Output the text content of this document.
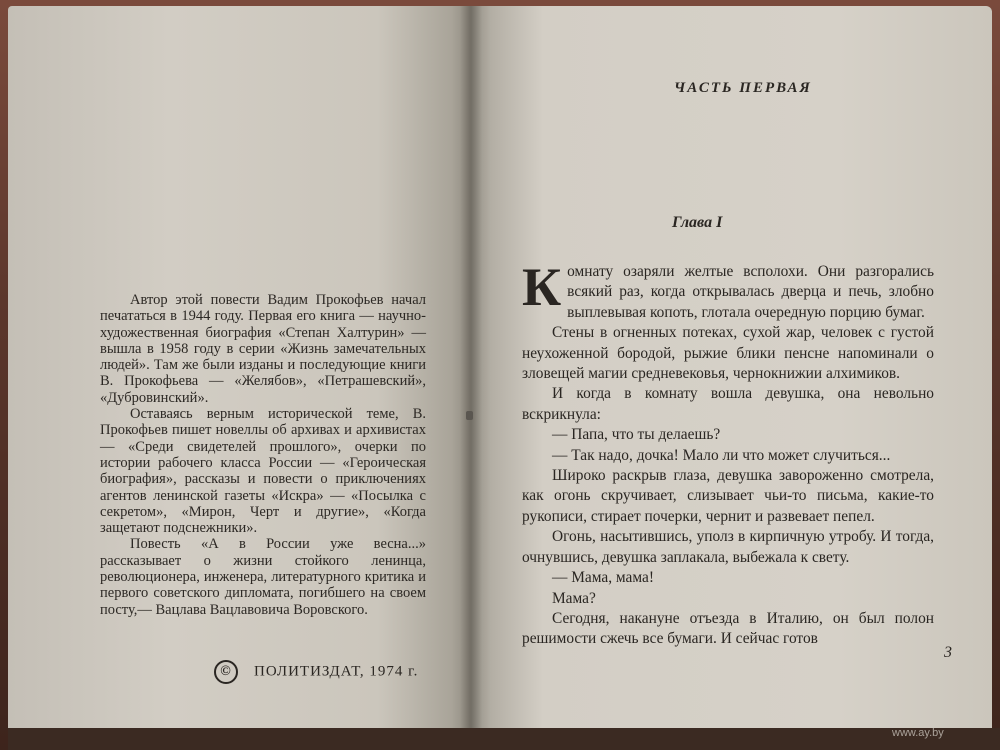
Автор этой повести Вадим Прокофьев начал печататься в 1944 году. Первая его книга — научно-художественная биография «Степан Халтурин» — вышла в 1958 году в серии «Жизнь замечательных людей». Там же были изданы и последующие книги В. Прокофьева — «Желябов», «Петрашевский», «Дубровинский».

Оставаясь верным исторической теме, В. Прокофьев пишет новеллы об архивах и архивистах — «Среди свидетелей прошлого», очерки по истории рабочего класса России — «Героическая биография», рассказы и повести о приключениях агентов ленинской газеты «Искра» — «Посылка с секретом», «Мирон, Черт и другие», «Когда защетают подснежники».

Повесть «А в России уже весна...» рассказывает о жизни стойкого ленинца, революционера, инженера, литературного критика и первого советского дипломата, погибшего на своем посту,— Вацлава Вацлавовича Воровского.

© ПОЛИТИЗДАТ, 1974 г.
ЧАСТЬ ПЕРВАЯ
Глава I

Комнату озаряли желтые всполохи. Они разгорались всякий раз, когда открывалась дверца и печь, злобно выплевывая копоть, глотала очередную порцию бумаг.

Стены в огненных потеках, сухой жар, человек с густой неухоженной бородой, рыжие блики пенсне напоминали о зловещей магии средневековья, чернокнижии алхимиков.

И когда в комнату вошла девушка, она невольно вскрикнула:

— Папа, что ты делаешь?

— Так надо, дочка! Мало ли что может случиться...

Широко раскрыв глаза, девушка завороженно смотрела, как огонь скручивает, слизывает чьи-то письма, какие-то рукописи, стирает почерки, чернит и развевает пепел.

Огонь, насытившись, уполз в кирпичную утробу. И тогда, очнувшись, девушка заплакала, выбежала к свету.

— Мама, мама!

Мама?

Сегодня, накануне отъезда в Италию, он был полон решимости сжечь все бумаги. И сейчас готов

3
www.ay.by
